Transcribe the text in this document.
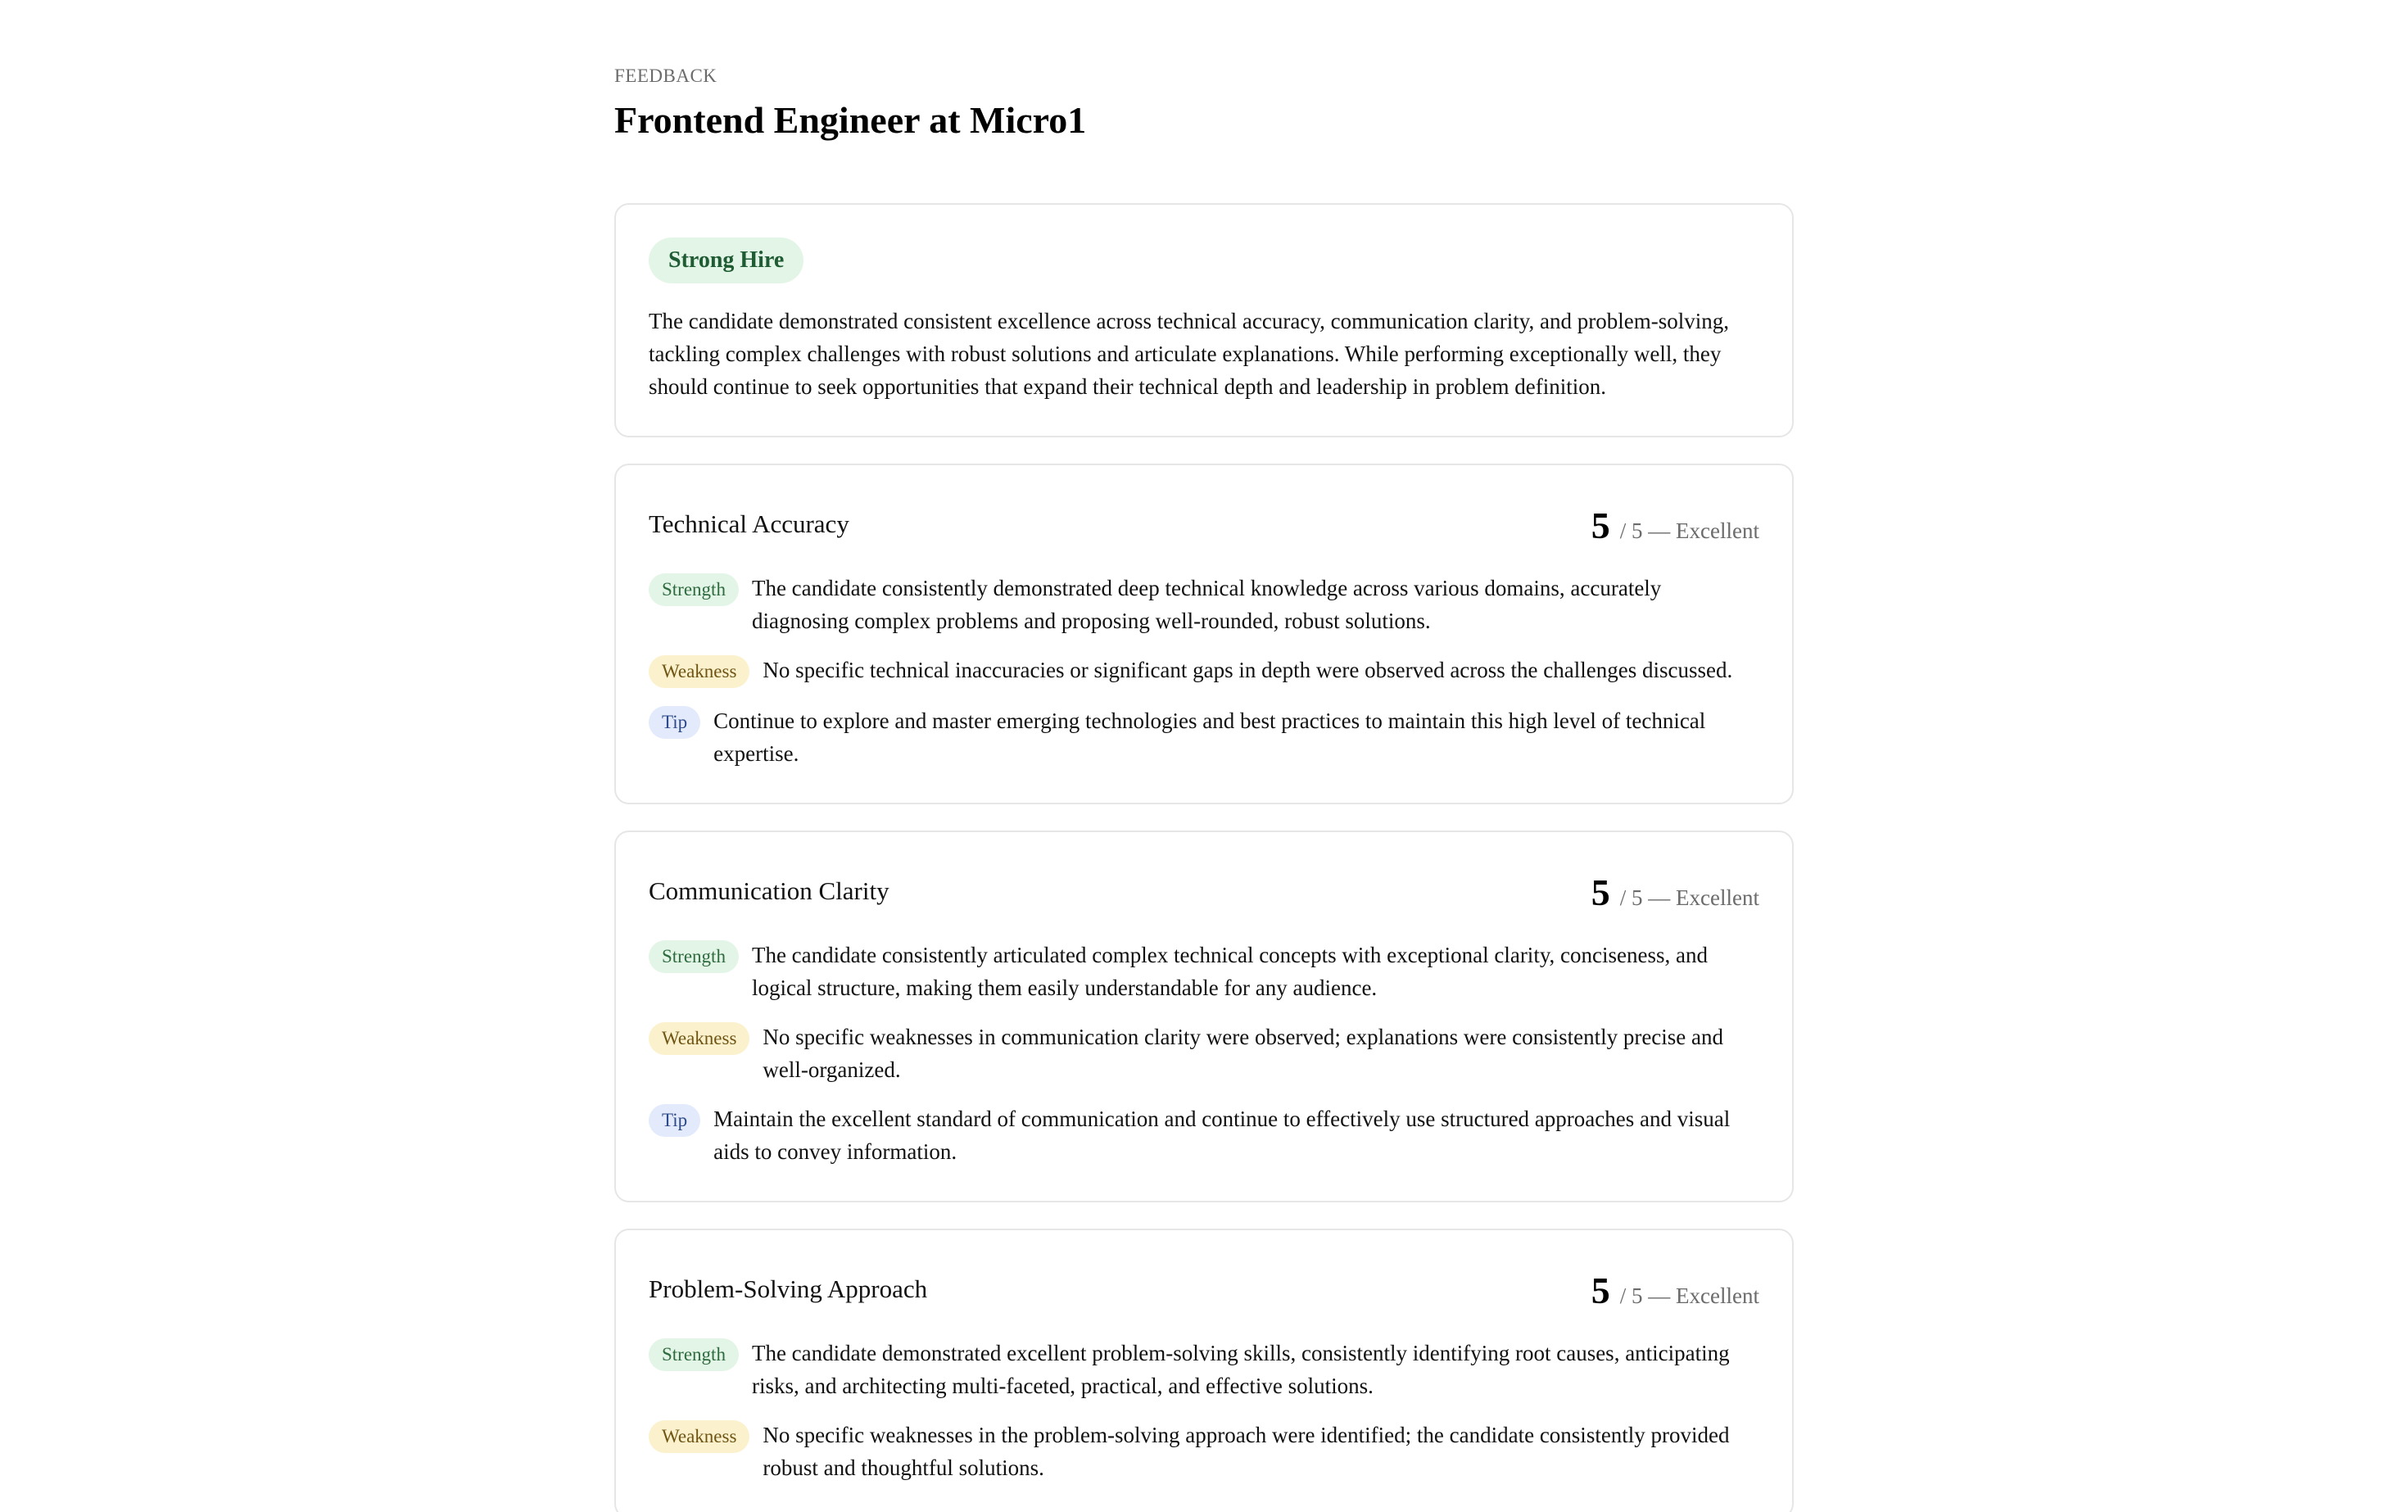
FEEDBACK

Frontend Engineer at Micro1
Strong Hire

The candidate demonstrated consistent excellence across technical accuracy, communication clarity, and problem-solving, tackling complex challenges with robust solutions and articulate explanations. While performing exceptionally well, they should continue to seek opportunities that expand their technical depth and leadership in problem definition.

Technical Accuracy	5 / 5 — Excellent
Strength	The candidate consistently demonstrated deep technical knowledge across various domains, accurately diagnosing complex problems and proposing well-rounded, robust solutions.
Weakness	No specific technical inaccuracies or significant gaps in depth were observed across the challenges discussed.
Tip	Continue to explore and master emerging technologies and best practices to maintain this high level of technical expertise.
Communication Clarity	5 / 5 — Excellent
Strength	The candidate consistently articulated complex technical concepts with exceptional clarity, conciseness, and logical structure, making them easily understandable for any audience.
Weakness	No specific weaknesses in communication clarity were observed; explanations were consistently precise and well-organized.
Tip	Maintain the excellent standard of communication and continue to effectively use structured approaches and visual aids to convey information.
Problem-Solving Approach	5 / 5 — Excellent
Strength	The candidate demonstrated excellent problem-solving skills, consistently identifying root causes, anticipating risks, and architecting multi-faceted, practical, and effective solutions.
Weakness	No specific weaknesses in the problem-solving approach were identified; the candidate consistently provided robust and thoughtful solutions.
